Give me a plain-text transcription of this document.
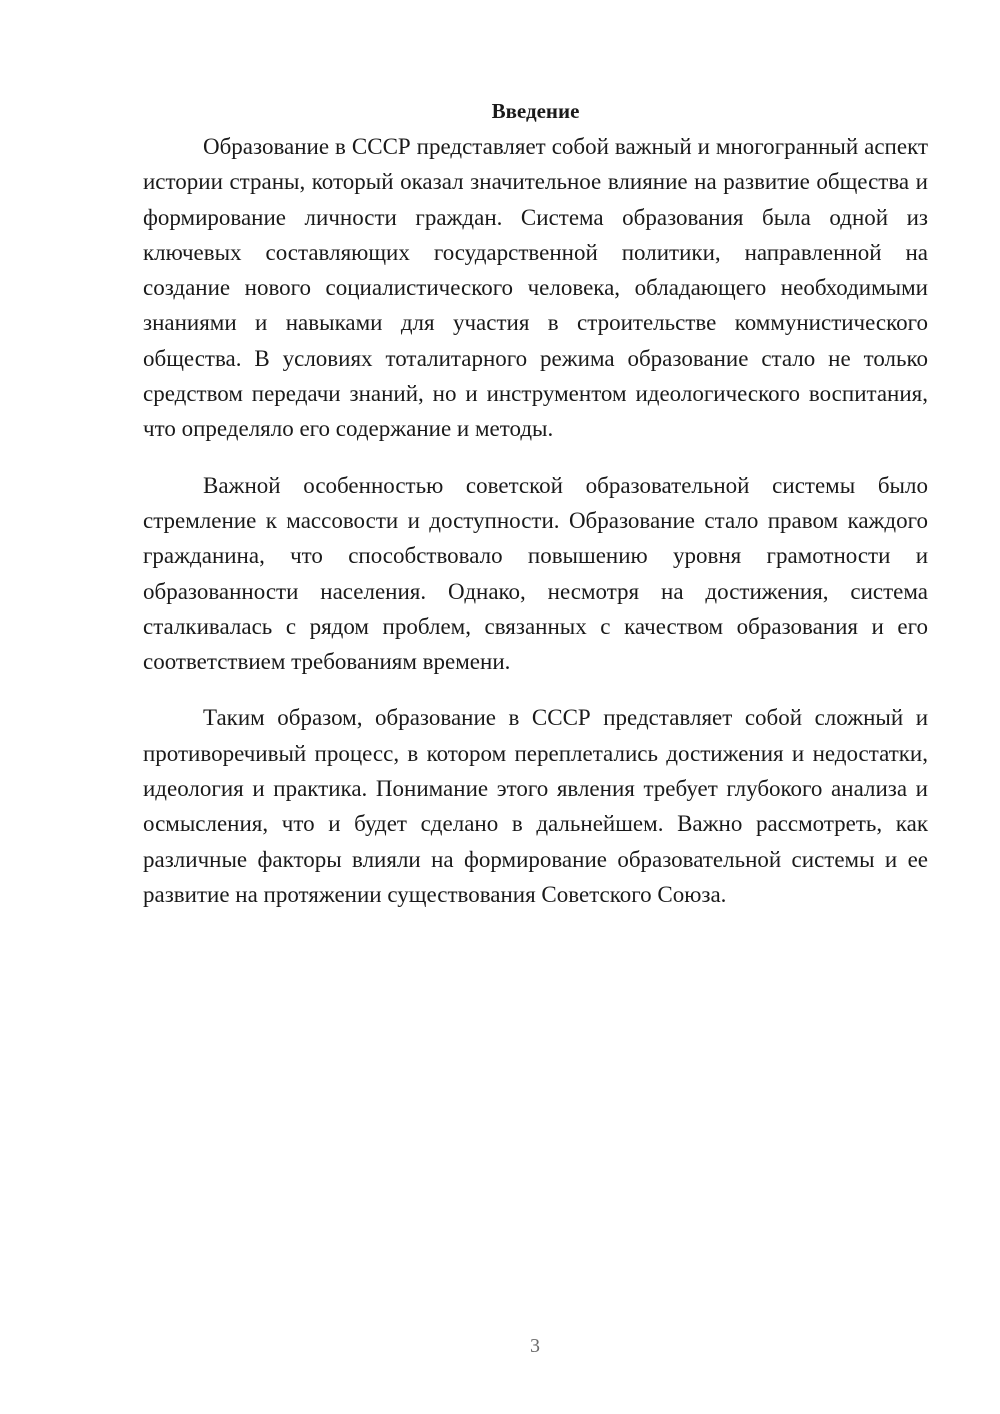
Введение

Образование в СССР представляет собой важный и многогранный аспект истории страны, который оказал значительное влияние на развитие общества и формирование личности граждан. Система образования была одной из ключевых составляющих государственной политики, направленной на создание нового социалистического человека, обладающего необходимыми знаниями и навыками для участия в строительстве коммунистического общества. В условиях тоталитарного режима образование стало не только средством передачи знаний, но и инструментом идеологического воспитания, что определяло его содержание и методы.

Важной особенностью советской образовательной системы было стремление к массовости и доступности. Образование стало правом каждого гражданина, что способствовало повышению уровня грамотности и образованности населения. Однако, несмотря на достижения, система сталкивалась с рядом проблем, связанных с качеством образования и его соответствием требованиям времени.

Таким образом, образование в СССР представляет собой сложный и противоречивый процесс, в котором переплетались достижения и недостатки, идеология и практика. Понимание этого явления требует глубокого анализа и осмысления, что и будет сделано в дальнейшем. Важно рассмотреть, как различные факторы влияли на формирование образовательной системы и ее развитие на протяжении существования Советского Союза.

3
